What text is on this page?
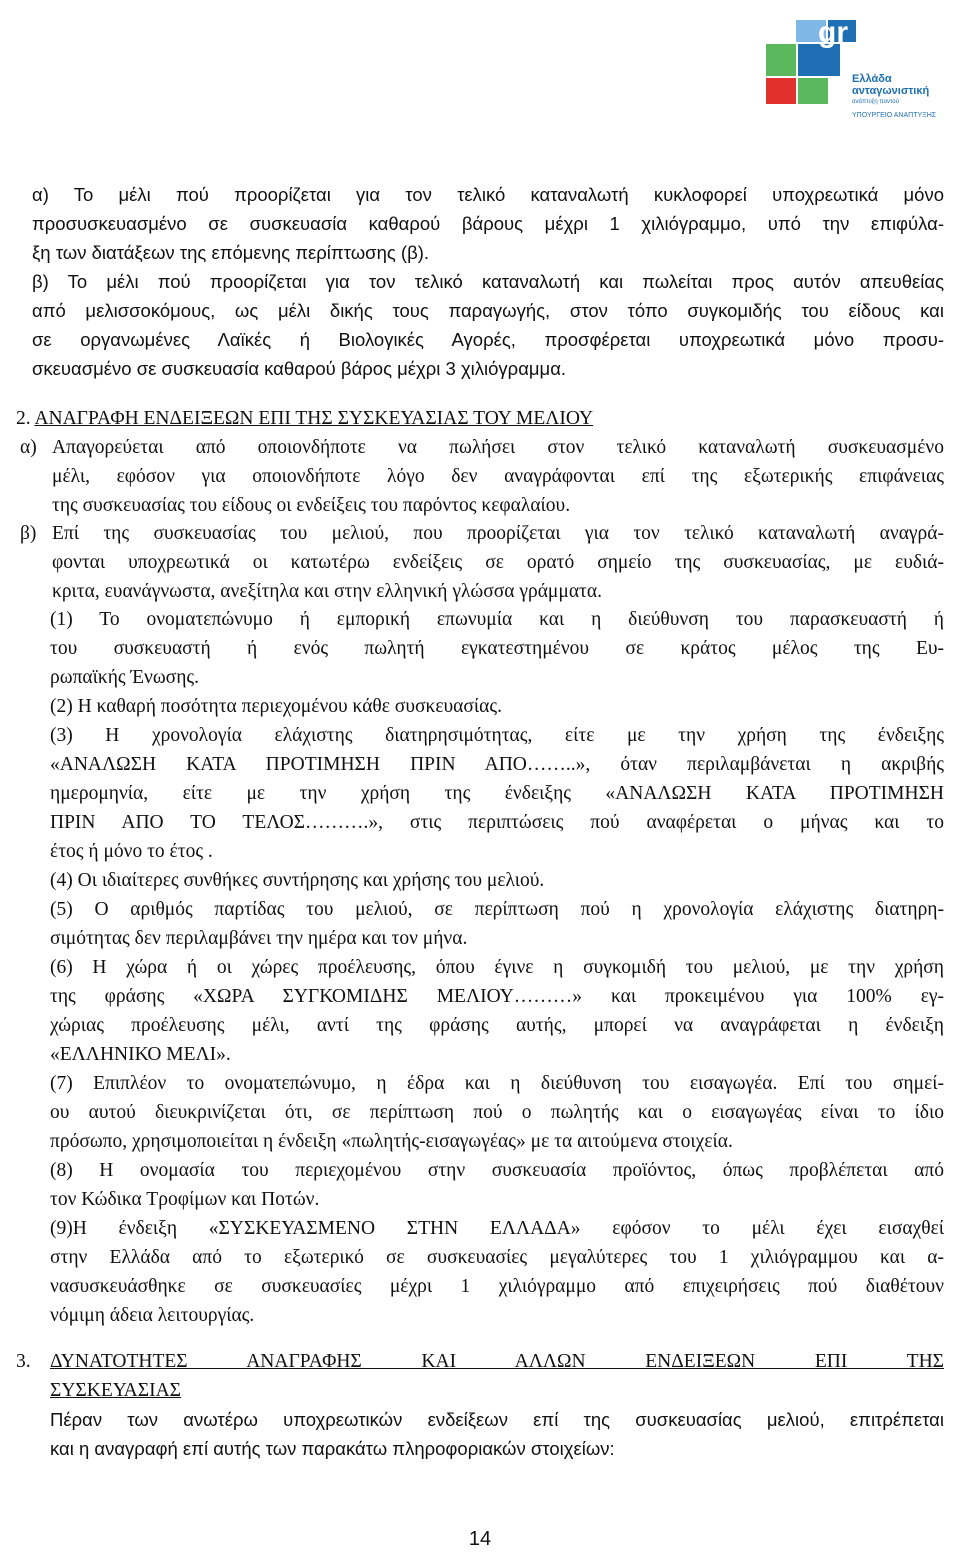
gr
Ελλάδα
ανταγωνιστική
ανάπτυξη παντού
ΥΠΟΥΡΓΕΙΟ ΑΝΑΠΤΥΞΗΣ
α) Το μέλι πού προορίζεται για τον τελικό καταναλωτή κυκλοφορεί υποχρεωτικά μόνο
προσυσκευασμένο σε συσκευασία καθαρού βάρους μέχρι 1 χιλιόγραμμο, υπό την επιφύλα-
ξη των διατάξεων της επόμενης περίπτωσης (β).
β) Το μέλι πού προορίζεται για τον τελικό καταναλωτή και πωλείται προς αυτόν απευθείας
από μελισσοκόμους, ως μέλι δικής τους παραγωγής, στον τόπο συγκομιδής του είδους και
σε οργανωμένες Λαϊκές ή Βιολογικές Αγορές, προσφέρεται υποχρεωτικά μόνο προσυ-
σκευασμένο σε συσκευασία καθαρού βάρος μέχρι 3 χιλιόγραμμα.
2. ΑΝΑΓΡΑΦΗ ΕΝΔΕΙΞΕΩΝ ΕΠΙ ΤΗΣ ΣΥΣΚΕΥΑΣΙΑΣ ΤΟΥ ΜΕΛΙΟΥ
α) Απαγορεύεται από οποιονδήποτε να πωλήσει στον τελικό καταναλωτή συσκευασμένο
μέλι, εφόσον για οποιονδήποτε λόγο δεν αναγράφονται επί της εξωτερικής επιφάνειας
της συσκευασίας του είδους οι ενδείξεις του παρόντος κεφαλαίου.
β) Επί της συσκευασίας του μελιού, που προορίζεται για τον τελικό καταναλωτή αναγρά-
φονται υποχρεωτικά οι κατωτέρω ενδείξεις σε ορατό σημείο της συσκευασίας, με ευδιά-
κριτα, ευανάγνωστα, ανεξίτηλα και στην ελληνική γλώσσα γράμματα.
(1) Το ονοματεπώνυμο ή εμπορική επωνυμία και η διεύθυνση του παρασκευαστή ή
του συσκευαστή ή ενός πωλητή εγκατεστημένου σε κράτος μέλος της Ευ-
ρωπαϊκής Ένωσης.
(2) Η καθαρή ποσότητα περιεχομένου κάθε συσκευασίας.
(3) Η χρονολογία ελάχιστης διατηρησιμότητας, είτε με την χρήση της ένδειξης
«ΑΝΑΛΩΣΗ ΚΑΤΑ ΠΡΟΤΙΜΗΣΗ ΠΡΙΝ ΑΠΟ……..», όταν περιλαμβάνεται η ακριβής
ημερομηνία, είτε με την χρήση της ένδειξης «ΑΝΑΛΩΣΗ ΚΑΤΑ ΠΡΟΤΙΜΗΣΗ
ΠΡΙΝ ΑΠΟ ΤΟ ΤΕΛΟΣ……….», στις περιπτώσεις πού αναφέρεται ο μήνας και το
έτος ή μόνο το έτος .
(4) Οι ιδιαίτερες συνθήκες συντήρησης και χρήσης του μελιού.
(5) Ο αριθμός παρτίδας του μελιού, σε περίπτωση πού η χρονολογία ελάχιστης διατηρη-
σιμότητας δεν περιλαμβάνει την ημέρα και τον μήνα.
(6) Η χώρα ή οι χώρες προέλευσης, όπου έγινε η συγκομιδή του μελιού, με την χρήση
της φράσης «ΧΩΡΑ ΣΥΓΚΟΜΙΔΗΣ ΜΕΛΙΟΥ………» και προκειμένου για 100% εγ-
χώριας προέλευσης μέλι, αντί της φράσης αυτής, μπορεί να αναγράφεται η ένδειξη
«ΕΛΛΗΝΙΚΟ ΜΕΛΙ».
(7) Επιπλέον το ονοματεπώνυμο, η έδρα και η διεύθυνση του εισαγωγέα. Επί του σημεί-
ου αυτού διευκρινίζεται ότι, σε περίπτωση πού ο πωλητής και ο εισαγωγέας είναι το ίδιο
πρόσωπο, χρησιμοποιείται η ένδειξη «πωλητής-εισαγωγέας» με τα αιτούμενα στοιχεία.
(8) Η ονομασία του περιεχομένου στην συσκευασία προϊόντος, όπως προβλέπεται από
τον Κώδικα Τροφίμων και Ποτών.
(9)Η ένδειξη «ΣΥΣΚΕΥΑΣΜΕΝΟ ΣΤΗΝ ΕΛΛΑΔΑ» εφόσον το μέλι έχει εισαχθεί
στην Ελλάδα από το εξωτερικό σε συσκευασίες μεγαλύτερες του 1 χιλιόγραμμου και α-
νασυσκευάσθηκε σε συσκευασίες μέχρι 1 χιλιόγραμμο από επιχειρήσεις πού διαθέτουν
νόμιμη άδεια λειτουργίας.
3. ΔΥΝΑΤΟΤΗΤΕΣ ΑΝΑΓΡΑΦΗΣ ΚΑΙ ΑΛΛΩΝ ΕΝΔΕΙΞΕΩΝ ΕΠΙ ΤΗΣ
ΣΥΣΚΕΥΑΣΙΑΣ
Πέραν των ανωτέρω υποχρεωτικών ενδείξεων επί της συσκευασίας μελιού, επιτρέπεται
και η αναγραφή επί αυτής των παρακάτω πληροφοριακών στοιχείων:
14
